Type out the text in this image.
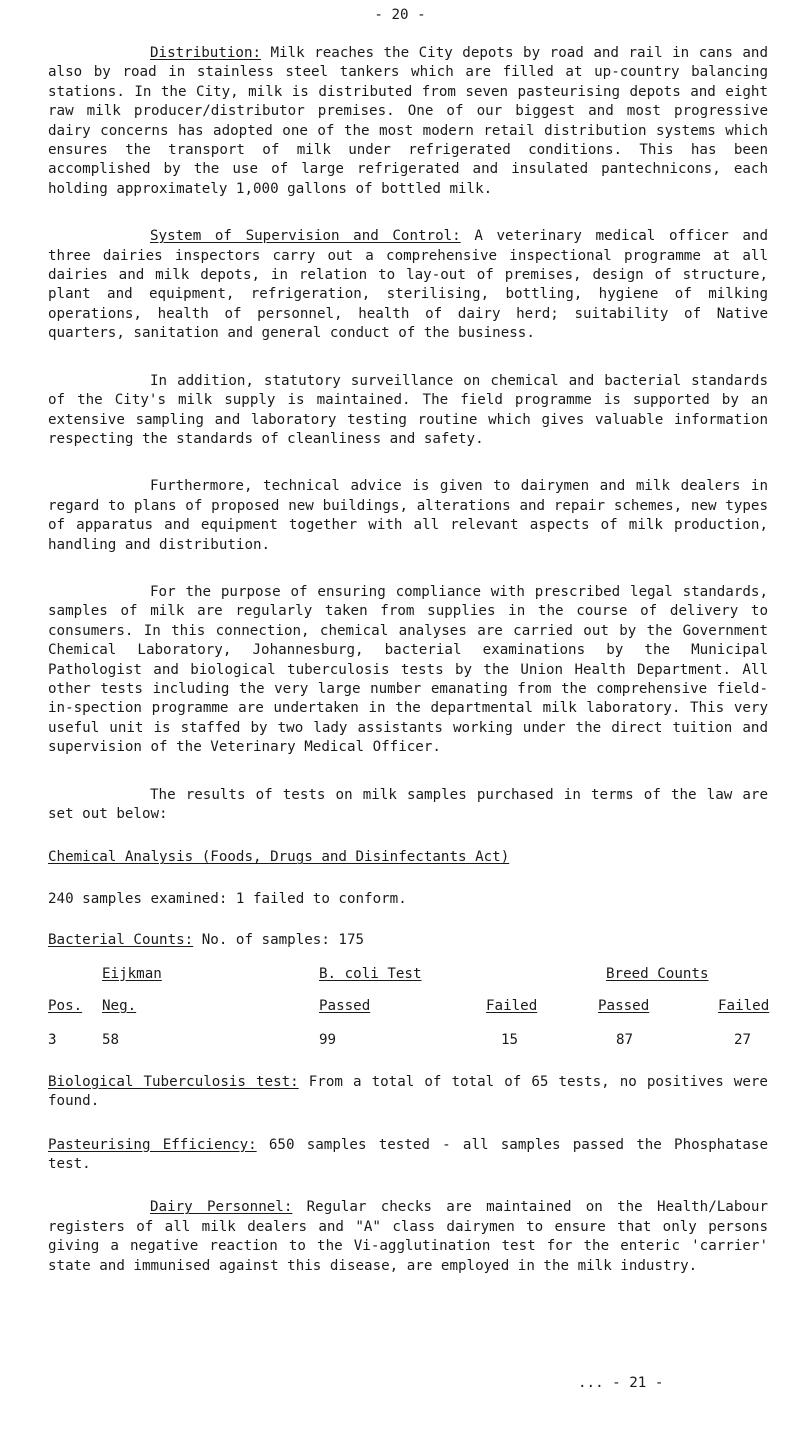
- 20 -

Distribution: Milk reaches the City depots by road and rail in cans and also by road in stainless steel tankers which are filled at up-country balancing stations. In the City, milk is distributed from seven pasteurising depots and eight raw milk producer/distributor premises. One of our biggest and most progressive dairy concerns has adopted one of the most modern retail distribution systems which ensures the transport of milk under refrigerated conditions. This has been accomplished by the use of large refrigerated and insulated pantechnicons, each holding approximately 1,000 gallons of bottled milk.

System of Supervision and Control: A veterinary medical officer and three dairies inspectors carry out a comprehensive inspectional programme at all dairies and milk depots, in relation to lay-out of premises, design of structure, plant and equipment, refrigeration, sterilising, bottling, hygiene of milking operations, health of personnel, health of dairy herd; suitability of Native quarters, sanitation and general conduct of the business.

In addition, statutory surveillance on chemical and bacterial standards of the City's milk supply is maintained. The field programme is supported by an extensive sampling and laboratory testing routine which gives valuable information respecting the standards of cleanliness and safety.

Furthermore, technical advice is given to dairymen and milk dealers in regard to plans of proposed new buildings, alterations and repair schemes, new types of apparatus and equipment together with all relevant aspects of milk production, handling and distribution.

For the purpose of ensuring compliance with prescribed legal standards, samples of milk are regularly taken from supplies in the course of delivery to consumers. In this connection, chemical analyses are carried out by the Government Chemical Laboratory, Johannesburg, bacterial examinations by the Municipal Pathologist and biological tuberculosis tests by the Union Health Department. All other tests including the very large number emanating from the comprehensive field-in-spection programme are undertaken in the departmental milk laboratory. This very useful unit is staffed by two lady assistants working under the direct tuition and supervision of the Veterinary Medical Officer.

The results of tests on milk samples purchased in terms of the law are set out below:

Chemical Analysis (Foods, Drugs and Disinfectants Act)
240 samples examined: 1 failed to conform.
Bacterial Counts: No. of samples: 175
Eijkman	B. coli Test	Breed Counts
Pos. Neg.	Passed	Failed	Passed	Failed
3	58	99	15	87	27

Biological Tuberculosis test: From a total of total of 65 tests, no positives were found.

Pasteurising Efficiency: 650 samples tested - all samples passed the Phosphatase test.

Dairy Personnel: Regular checks are maintained on the Health/Labour registers of all milk dealers and "A" class dairymen to ensure that only persons giving a negative reaction to the Vi-agglutination test for the enteric 'carrier' state and immunised against this disease, are employed in the milk industry.

... - 21 -
